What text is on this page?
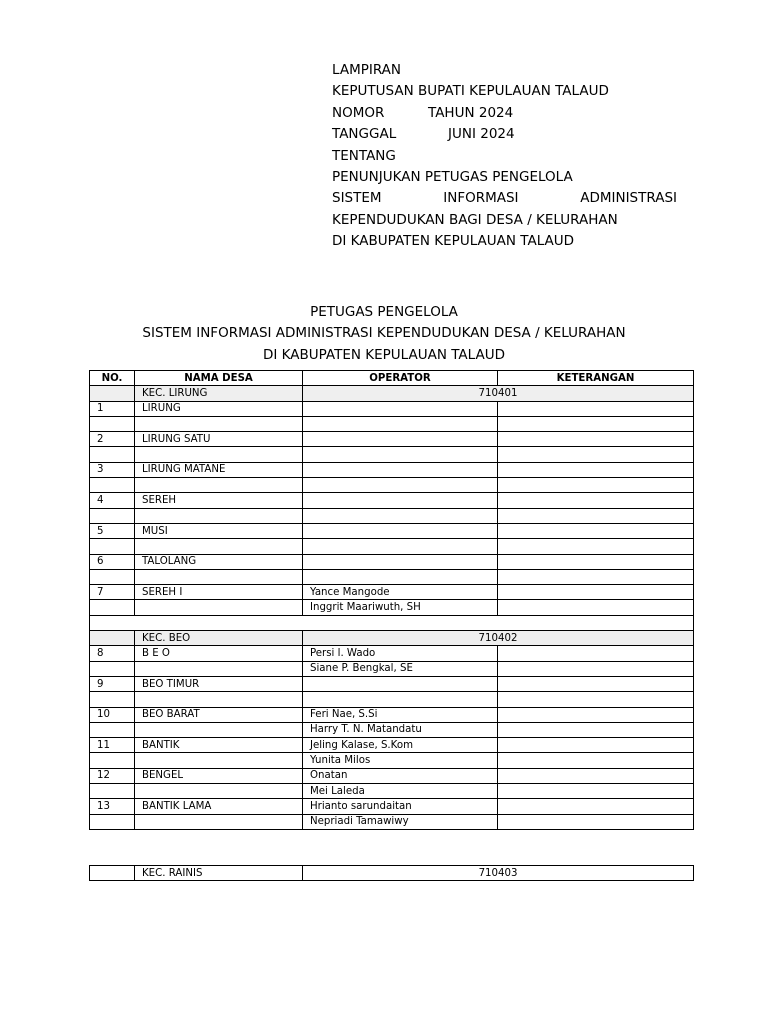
LAMPIRAN
KEPUTUSAN BUPATI KEPULAUAN TALAUD
NOMOR	TAHUN 2024
TANGGAL	JUNI 2024
TENTANG
PENUNJUKAN PETUGAS PENGELOLA
SISTEM	INFORMASI	ADMINISTRASI
KEPENDUDUKAN BAGI DESA / KELURAHAN
DI KABUPATEN KEPULAUAN TALAUD
PETUGAS PENGELOLA
SISTEM INFORMASI ADMINISTRASI KEPENDUDUKAN DESA / KELURAHAN
DI KABUPATEN KEPULAUAN TALAUD
NO.	NAMA DESA	OPERATOR	KETERANGAN
	KEC. LIRUNG	710401	
1	LIRUNG		

2	LIRUNG SATU		

3	LIRUNG MATANE		

4	SEREH		

5	MUSI		

6	TALOLANG		

7	SEREH I	Yance Mangode	
		Inggrit Maariwuth, SH	

	KEC. BEO	710402	
8	B E O	Persi l. Wado	
		Siane P. Bengkal, SE	
9	BEO TIMUR		

10	BEO BARAT	Feri Nae, S.Si	
		Harry T. N. Matandatu	
11	BANTIK	Jeling Kalase, S.Kom	
		Yunita Milos	
12	BENGEL	Onatan	
		Mei Laleda	
13	BANTIK LAMA	Hrianto sarundaitan	
		Nepriadi Tamawiwy	
	KEC. RAINIS	710403
